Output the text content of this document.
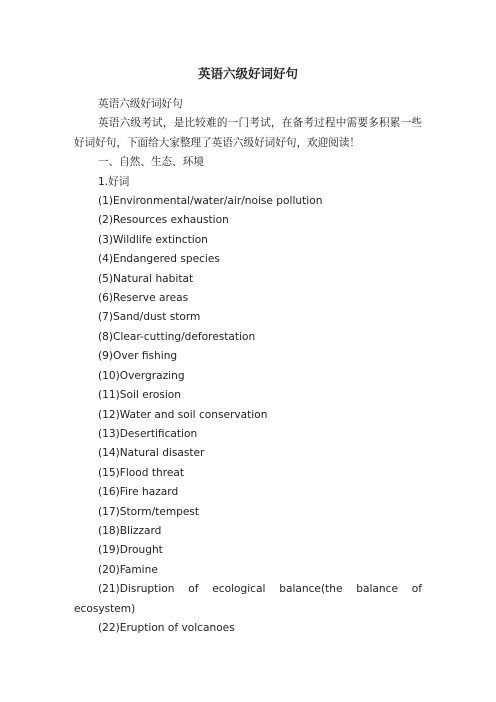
英语六级好词好句
英语六级好词好句
英语六级考试，是比较难的一门考试，在备考过程中需要多积累一些好词好句，下面给大家整理了英语六级好词好句，欢迎阅读！
一、自然、生态、环境
1.好词
(1)Environmental/water/air/noise pollution
(2)Resources exhaustion
(3)Wildlife extinction
(4)Endangered species
(5)Natural habitat
(6)Reserve areas
(7)Sand/dust storm
(8)Clear-cutting/deforestation
(9)Over fishing
(10)Overgrazing
(11)Soil erosion
(12)Water and soil conservation
(13)Desertification
(14)Natural disaster
(15)Flood threat
(16)Fire hazard
(17)Storm/tempest
(18)Blizzard
(19)Drought
(20)Famine
(21)Disruption of ecological balance(the balance of ecosystem)
(22)Eruption of volcanoes
